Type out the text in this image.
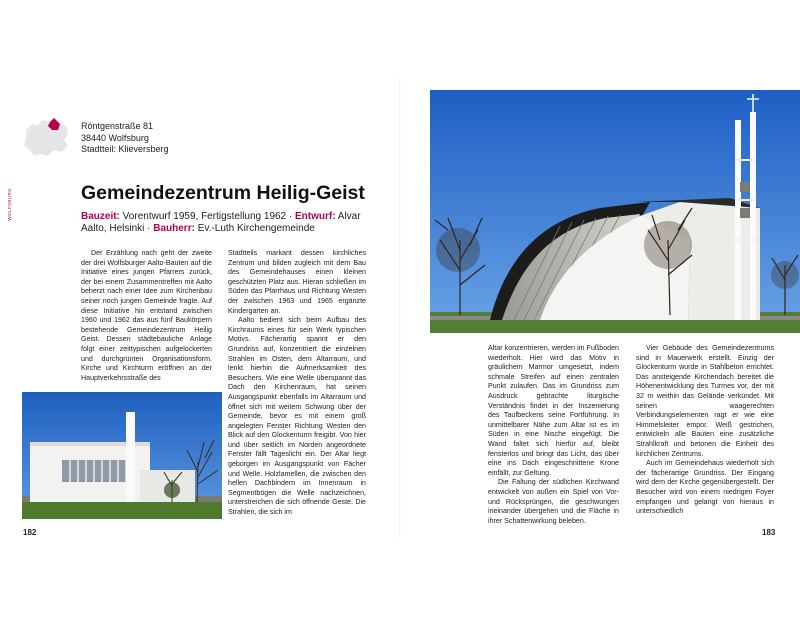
Röntgenstraße 81
38440 Wolfsburg
Stadtteil: Klieversberg
WOLFSBURG	Gemeindezentrum Heilig-Geist
Bauzeit: Vorentwurf 1959, Fertigstellung 1962 · Entwurf: Alvar Aalto, Helsinki · Bauherr: Ev.-Luth Kirchengemeinde

Der Erzählung nach geht der zweite der drei Wolfsburger Aalto-Bauten auf die Initiative eines jungen Pfarrers zurück, der bei einem Zusammentreffen mit Aalto beherzt nach einer Idee zum Kirchenbau seiner noch jungen Gemeinde fragte. Auf diese Initiative hin entstand zwischen 1960 und 1962 das aus fünf Baukörpern bestehende Gemeindezentrum Heilig Geist. Dessen städtebauliche Anlage folgt einer zeittypischen aufgelockerten und durchgrünten Organisationsform. Kirche und Kirchturm eröffnen an der Hauptverkehrsstraße des

Stadtteils markant dessen kirchliches Zentrum und bilden zugleich mit dem Bau des Gemeindehauses einen kleinen geschützten Platz aus. Hieran schließen im Süden das Pfarrhaus und Richtung Westen der zwischen 1963 und 1965 ergänzte Kindergarten an.

Aalto bedient sich beim Aufbau des Kirchraums eines für sein Werk typischen Motivs. Fächerartig spannt er den Grundriss auf, konzentriert die einzelnen Strahlen im Osten, dem Altarraum, und lenkt hierhin die Aufmerksamkeit des Besuchers. Wie eine Welle überspannt das Dach den Kirchenraum, hat seinen Ausgangspunkt ebenfalls im Altarraum und öffnet sich mit weitem Schwung über der Gemeinde, bevor es mit einem groß angelegten Fenster Richtung Westen den Blick auf den Glockenturm freigibt. Von hier und über seitlich im Norden angeordnete Fenster fällt Tageslicht ein. Der Altar liegt geborgen im Ausgangspunkt von Fächer und Welle. Holzlamellen, die zwischen den hellen Dachbindern im Innenraum in Segmentbögen die Welle nachzeichnen, unterstreichen die sich öffnende Geste. Die Strahlen, die sich im

Altar konzentrieren, werden im Fußboden wiederholt. Hier wird das Motiv in gräulichem Marmor umgesetzt, indem schmale Streifen auf einen zentralen Punkt zulaufen. Das im Grundriss zum Ausdruck gebrachte liturgische Verständnis findet in der Inszenierung des Taufbeckens seine Fortführung. In unmittelbarer Nähe zum Altar ist es im Süden in eine Nische eingefügt. Die Wand faltet sich hierfür auf, bleibt fensterlos und bringt das Licht, das über eine ins Dach eingeschnittene Krone einfällt, zur Geltung.

Die Faltung der südlichen Kirchwand entwickelt von außen ein Spiel von Vor- und Rücksprüngen, die geschwungen ineinander übergehen und die Fläche in ihrer Schattenwirkung beleben.

Vier Gebäude des Gemeindezentrums sind in Mauerwerk erstellt. Einzig der Glockenturm wurde in Stahlbeton errichtet. Das ansteigende Kirchendach bereitet die Höhenentwicklung des Turmes vor, der mit 32 m weithin das Gelände verkündet. Mit seinen waagerechten Verbindungselementen ragt er wie eine Himmelsleiter empor. Weiß gestrichen, entwickeln alle Bauten eine zusätzliche Strahlkraft und betonen die Einheit des kirchlichen Zentrums.

Auch im Gemeindehaus wiederholt sich der fächerartige Grundriss. Der Eingang wird dem der Kirche gegenübergestellt. Der Besucher wird von einem niedrigen Foyer empfangen und gelangt von hieraus in unterschiedlich

182	183
